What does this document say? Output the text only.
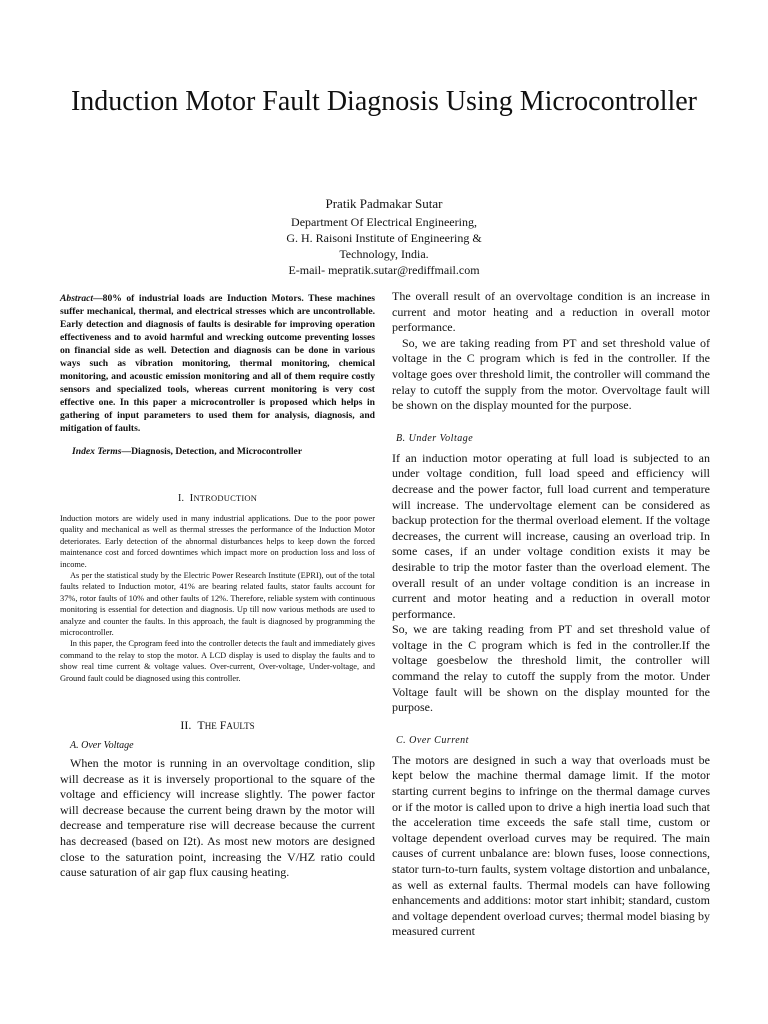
Induction Motor Fault Diagnosis Using Microcontroller
Pratik Padmakar Sutar
Department Of Electrical Engineering,
G. H. Raisoni Institute of Engineering &
Technology, India.
E-mail- mepratik.sutar@rediffmail.com

Abstract—80% of industrial loads are Induction Motors. These machines suffer mechanical, thermal, and electrical stresses which are uncontrollable. Early detection and diagnosis of faults is desirable for improving operation effectiveness and to avoid harmful and wrecking outcome preventing losses on financial side as well. Detection and diagnosis can be done in various ways such as vibration monitoring, thermal monitoring, chemical monitoring, and acoustic emission monitoring and all of them require costly sensors and specialized tools, whereas current monitoring is very cost effective one. In this paper a microcontroller is proposed which helps in gathering of input parameters to used them for analysis, diagnosis, and mitigation of faults.

Index Terms—Diagnosis, Detection, and Microcontroller

I. INTRODUCTION

Induction motors are widely used in many industrial applications. Due to the poor power quality and mechanical as well as thermal stresses the performance of the Induction Motor deteriorates. Early detection of the abnormal disturbances helps to keep down the forced maintenance cost and forced downtimes which impact more on production loss and loss of income.

As per the statistical study by the Electric Power Research Institute (EPRI), out of the total faults related to Induction motor, 41% are bearing related faults, stator faults account for 37%, rotor faults of 10% and other faults of 12%. Therefore, reliable system with continuous monitoring is essential for detection and diagnosis. Up till now various methods are used to analyze and counter the faults. In this approach, the fault is diagnosed by programming the microcontroller.

In this paper, the Cprogram feed into the controller detects the fault and immediately gives command to the relay to stop the motor. A LCD display is used to display the faults and to show real time current & voltage values. Over-current, Over-voltage, Under-voltage, and Ground fault could be diagnosed using this controller.

II. THE FAULTS
A. Over Voltage

When the motor is running in an overvoltage condition, slip will decrease as it is inversely proportional to the square of the voltage and efficiency will increase slightly. The power factor will decrease because the current being drawn by the motor will decrease and temperature rise will decrease because the current has decreased (based on I2t). As most new motors are designed close to the saturation point, increasing the V/HZ ratio could cause saturation of air gap flux causing heating.

The overall result of an overvoltage condition is an increase in current and motor heating and a reduction in overall motor performance.

So, we are taking reading from PT and set threshold value of voltage in the C program which is fed in the controller. If the voltage goes over threshold limit, the controller will command the relay to cutoff the supply from the motor. Overvoltage fault will be shown on the display mounted for the purpose.

B. Under Voltage

If an induction motor operating at full load is subjected to an under voltage condition, full load speed and efficiency will decrease and the power factor, full load current and temperature will increase. The undervoltage element can be considered as backup protection for the thermal overload element. If the voltage decreases, the current will increase, causing an overload trip. In some cases, if an under voltage condition exists it may be desirable to trip the motor faster than the overload element. The overall result of an under voltage condition is an increase in current and motor heating and a reduction in overall motor performance.

So, we are taking reading from PT and set threshold value of voltage in the C program which is fed in the controller.If the voltage goesbelow the threshold limit, the controller will command the relay to cutoff the supply from the motor. Under Voltage fault will be shown on the display mounted for the purpose.

C. Over Current

The motors are designed in such a way that overloads must be kept below the machine thermal damage limit. If the motor starting current begins to infringe on the thermal damage curves or if the motor is called upon to drive a high inertia load such that the acceleration time exceeds the safe stall time, custom or voltage dependent overload curves may be required. The main causes of current unbalance are: blown fuses, loose connections, stator turn-to-turn faults, system voltage distortion and unbalance, as well as external faults. Thermal models can have following enhancements and additions: motor start inhibit; standard, custom and voltage dependent overload curves; thermal model biasing by measured current
